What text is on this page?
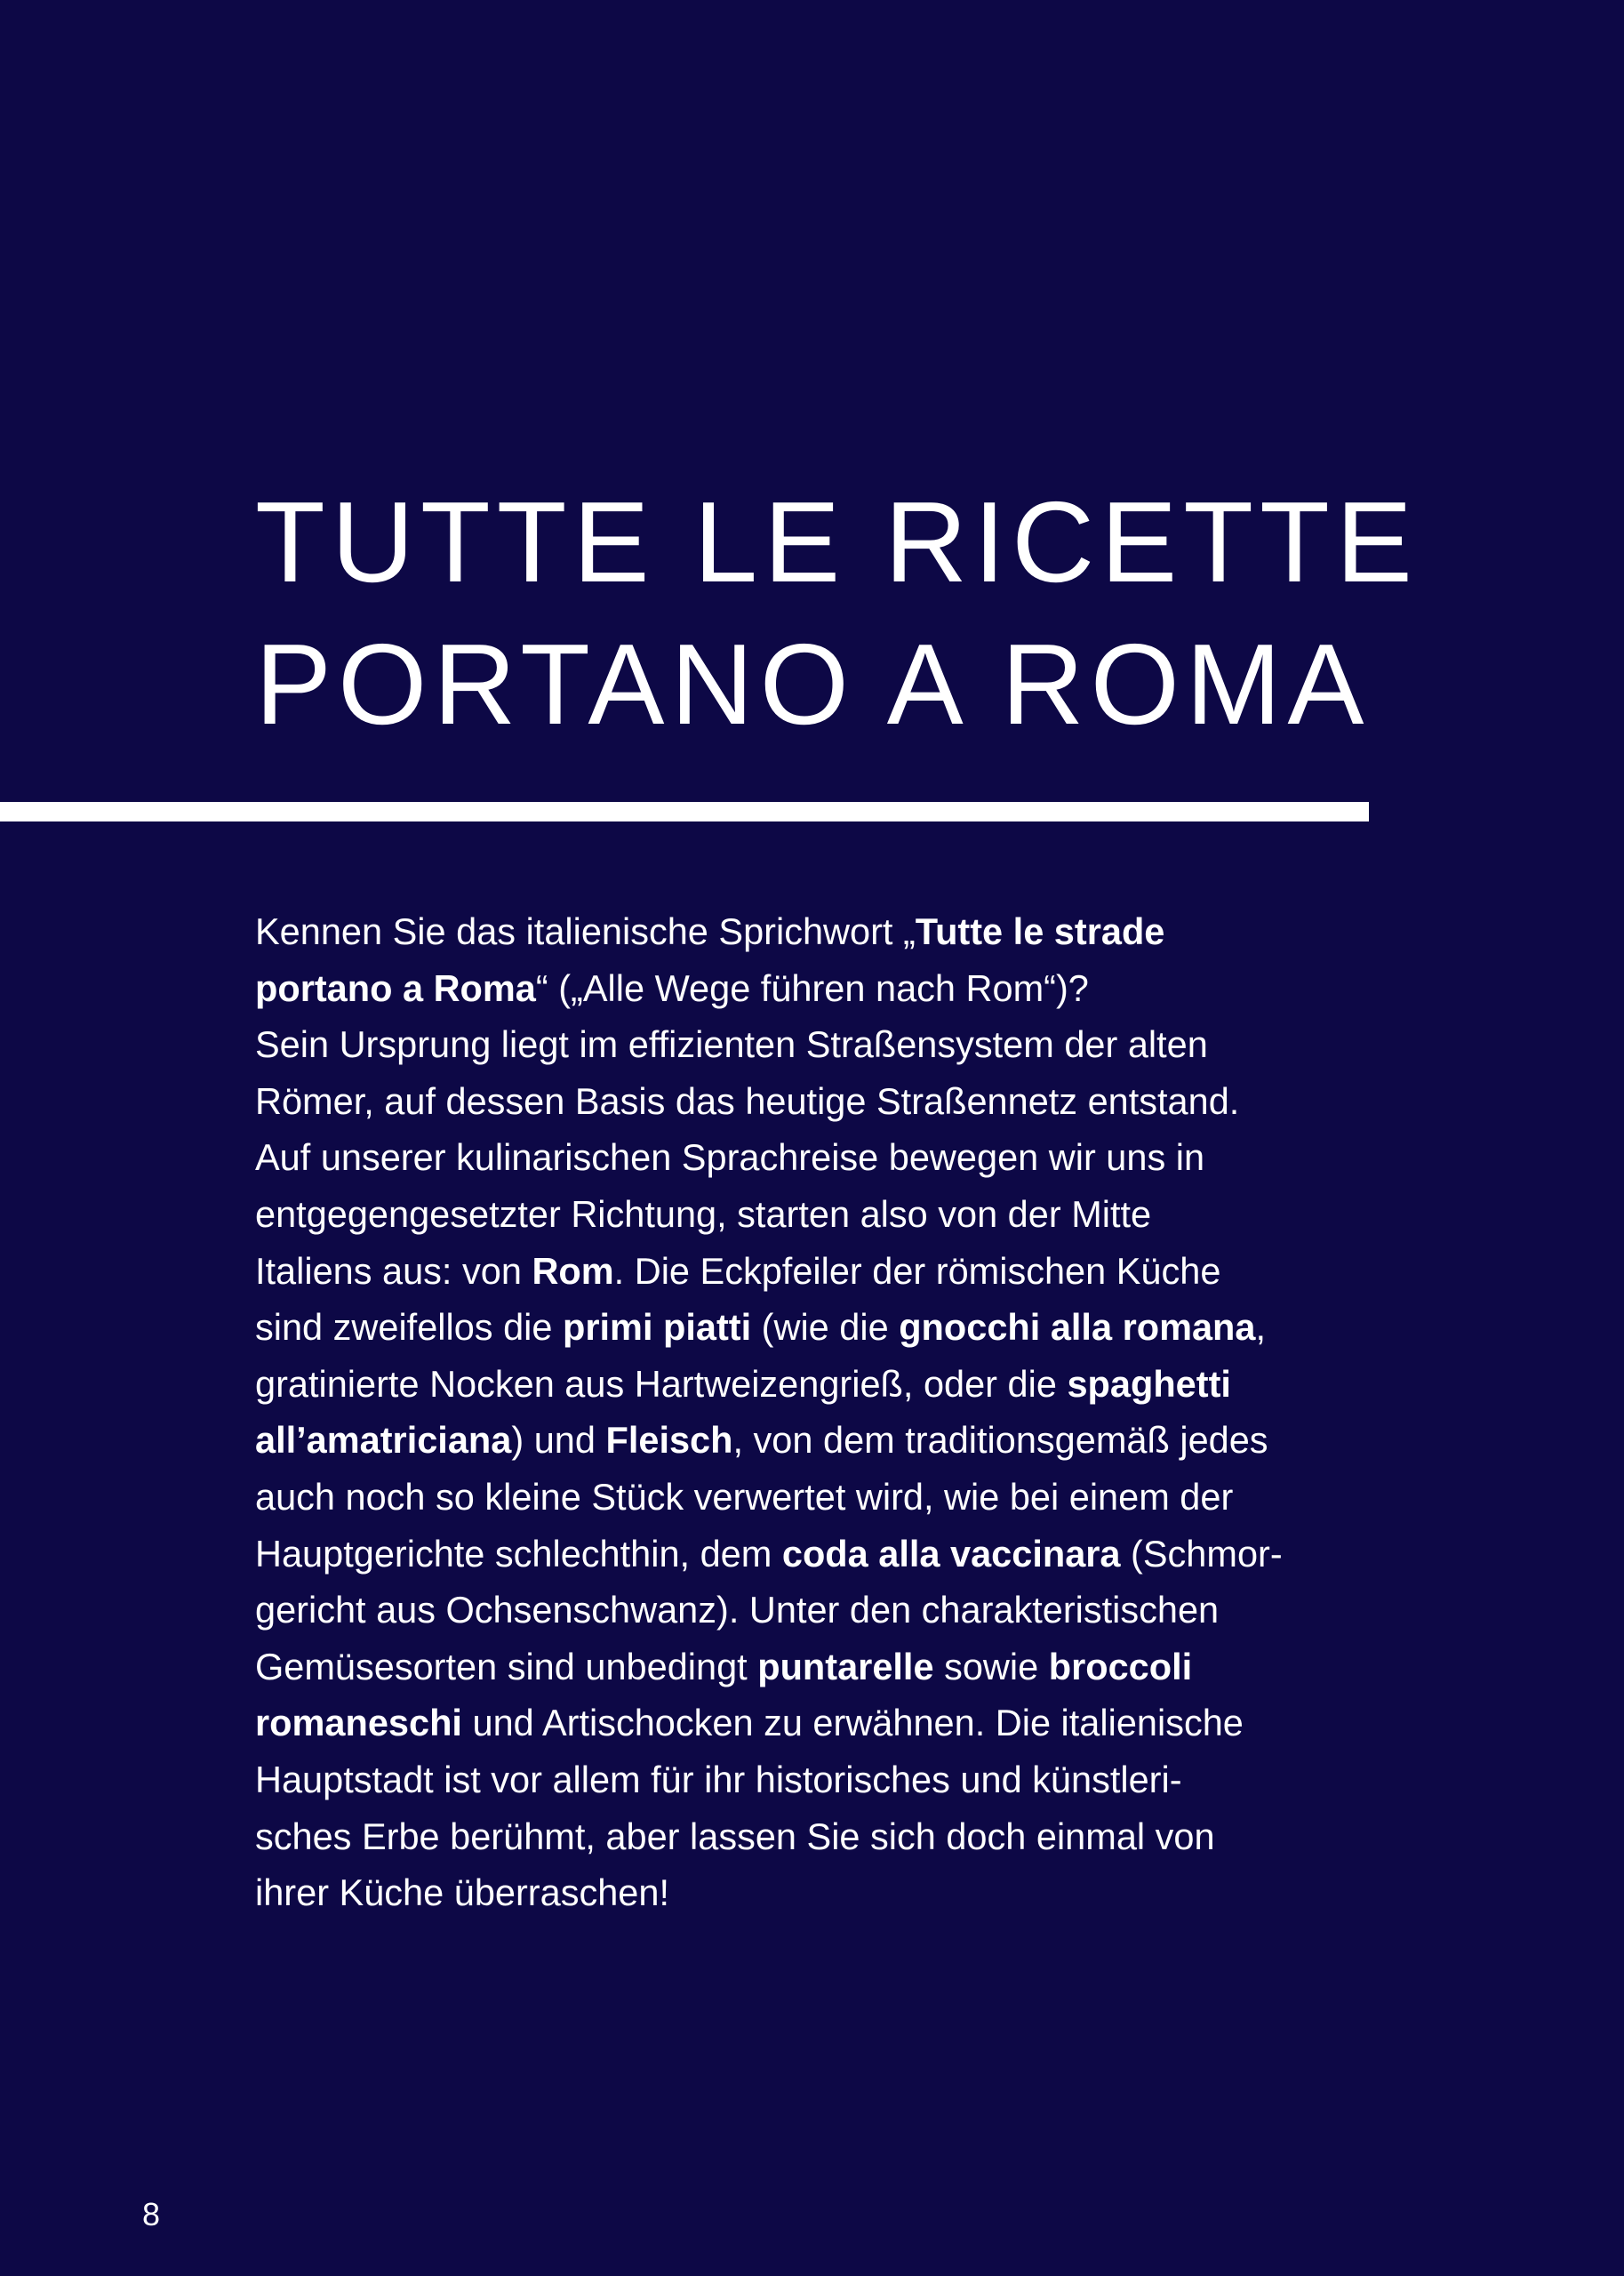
TUTTE LE RICETTE
PORTANO A ROMA
Kennen Sie das italienische Sprichwort „Tutte le strade
portano a Roma“ („Alle Wege führen nach Rom“)?
Sein Ursprung liegt im effizienten Straßensystem der alten
Römer, auf dessen Basis das heutige Straßennetz entstand.
Auf unserer kulinarischen Sprachreise bewegen wir uns in
entgegengesetzter Richtung, starten also von der Mitte
Italiens aus: von Rom. Die Eckpfeiler der römischen Küche
sind zweifellos die primi piatti (wie die gnocchi alla romana,
gratinierte Nocken aus Hartweizengrieß, oder die spaghetti
all’amatriciana) und Fleisch, von dem traditionsgemäß jedes
auch noch so kleine Stück verwertet wird, wie bei einem der
Hauptgerichte schlechthin, dem coda alla vaccinara (Schmor-
gericht aus Ochsenschwanz). Unter den charakteristischen
Gemüsesorten sind unbedingt puntarelle sowie broccoli
romaneschi und Artischocken zu erwähnen. Die italienische
Hauptstadt ist vor allem für ihr historisches und künstleri-
sches Erbe berühmt, aber lassen Sie sich doch einmal von
ihrer Küche überraschen!
8
